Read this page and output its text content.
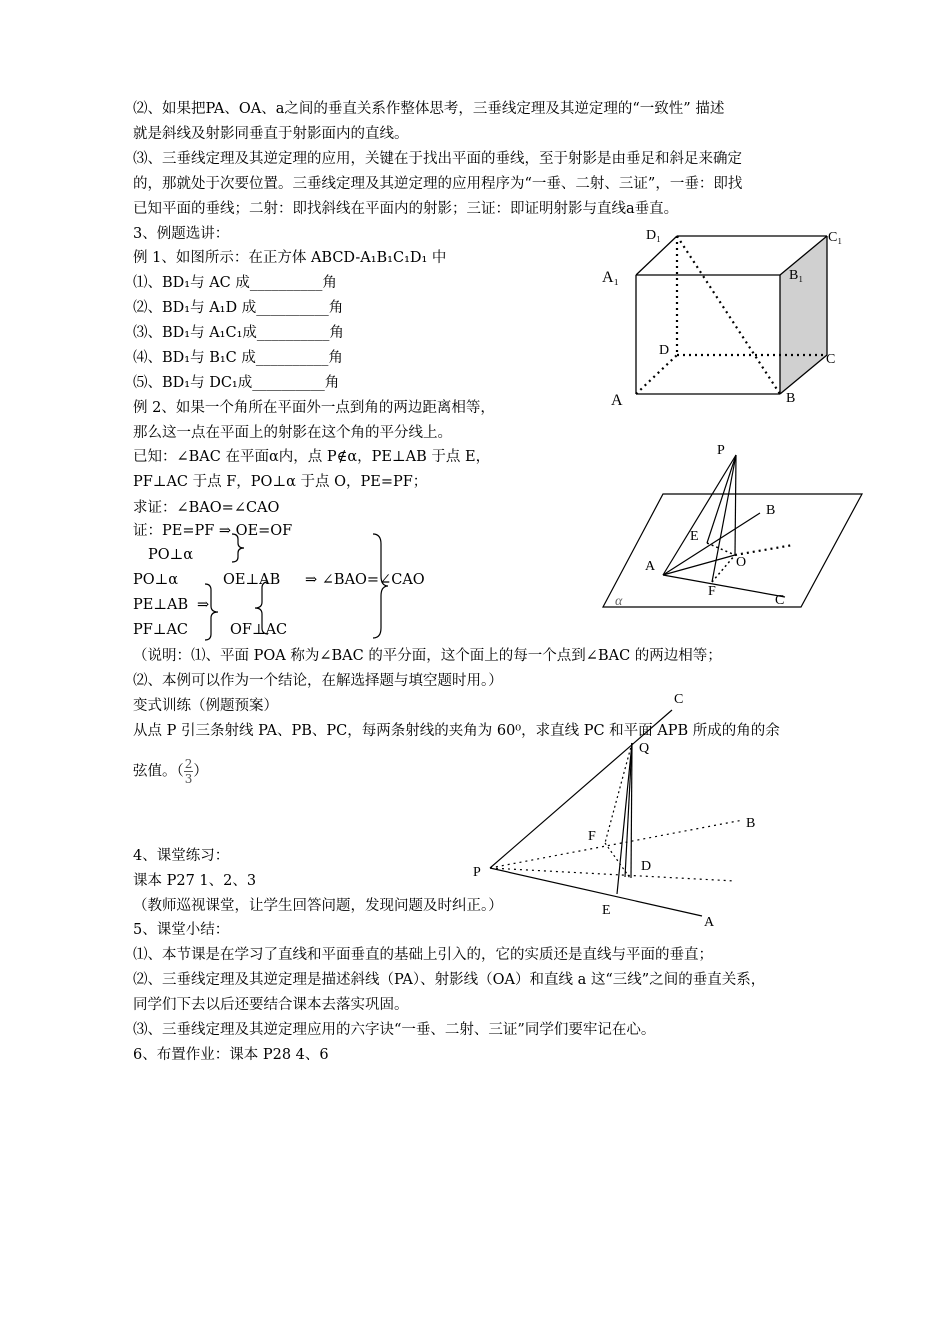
⑵、如果把PA、OA、a之间的垂直关系作整体思考，三垂线定理及其逆定理的“一致性” 描述
就是斜线及射影同垂直于射影面内的直线。
⑶、三垂线定理及其逆定理的应用，关键在于找出平面的垂线，至于射影是由垂足和斜足来确定
的，那就处于次要位置。三垂线定理及其逆定理的应用程序为“一垂、二射、三证”，一垂：即找
已知平面的垂线；二射：即找斜线在平面内的射影；三证：即证明射影与直线a垂直。
3、例题选讲：
例 1、如图所示：在正方体 ABCD-A₁B₁C₁D₁ 中
⑴、BD₁与 AC 成__________角
⑵、BD₁与 A₁D 成__________角
⑶、BD₁与 A₁C₁成__________角
⑷、BD₁与 B₁C 成__________角
⑸、BD₁与 DC₁成__________角
例 2、如果一个角所在平面外一点到角的两边距离相等，
那么这一点在平面上的射影在这个角的平分线上。
已知：∠BAC 在平面α内，点 P∉α，PE⊥AB 于点 E，
PF⊥AC 于点 F，PO⊥α 于点 O，PE=PF；
求证：∠BAO=∠CAO
证：PE=PF ⇒ OE=OF
PO⊥α
PO⊥α	OE⊥AB ⇒ ∠BAO=∠CAO
PE⊥AB ⇒
PF⊥AC	OF⊥AC
（说明：⑴、平面 POA 称为∠BAC 的平分面，这个面上的每一个点到∠BAC 的两边相等；
⑵、本例可以作为一个结论，在解选择题与填空题时用。）
变式训练（例题预案）
从点 P 引三条射线 PA、PB、PC，每两条射线的夹角为 60⁰，求直线 PC 和平面 APB 所成的角的余
弦值。（ $\frac{2}{3}$ ）
4、课堂练习：
课本 P27 1、2、3
（教师巡视课堂，让学生回答问题，发现问题及时纠正。）
5、课堂小结：
⑴、本节课是在学习了直线和平面垂直的基础上引入的，它的实质还是直线与平面的垂直；
⑵、三垂线定理及其逆定理是描述斜线（PA）、射影线（OA）和直线 a 这“三线”之间的垂直关系，
同学们下去以后还要结合课本去落实巩固。
⑶、三垂线定理及其逆定理应用的六字诀“一垂、二射、三证”同学们要牢记在心。
6、布置作业：课本 P28 4、6
D₁	C₁
A₁	B₁
D
C
A	B
P
B
E
A	O
F
C
α
C
Q
B
F
D
P
E
A
